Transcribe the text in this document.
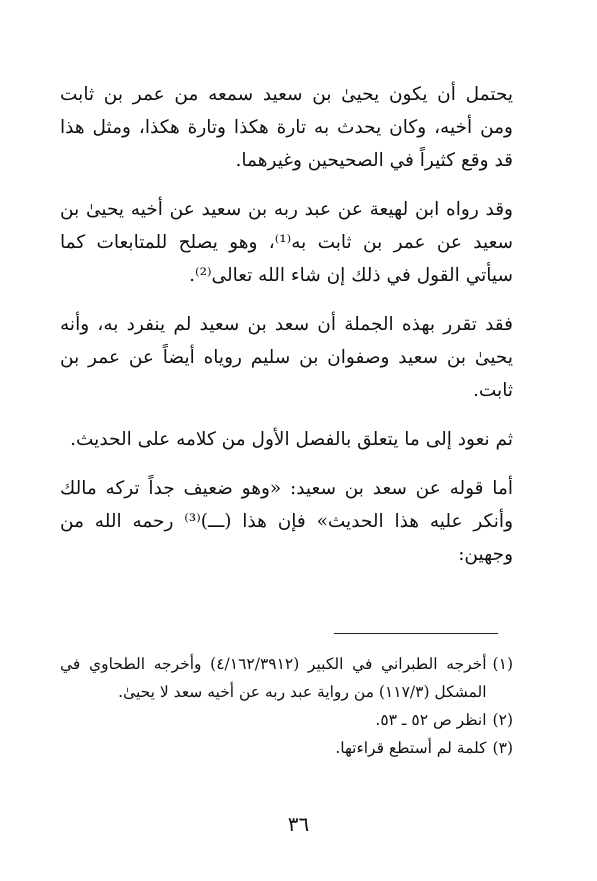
يحتمل أن يكون يحيىٰ بن سعيد سمعه من عمر بن ثابت ومن أخيه، وكان يحدث به تارة هكذا وتارة هكذا، ومثل هذا قد وقع كثيراً في الصحيحين وغيرهما.

وقد رواه ابن لهيعة عن عبد ربه بن سعيد عن أخيه يحيىٰ بن سعيد عن عمر بن ثابت به⁽¹⁾، وهو يصلح للمتابعات كما سيأتي القول في ذلك إن شاء الله تعالى⁽²⁾.

فقد تقرر بهذه الجملة أن سعد بن سعيد لم ينفرد به، وأنه يحيىٰ بن سعيد وصفوان بن سليم روياه أيضاً عن عمر بن ثابت.

ثم نعود إلى ما يتعلق بالفصل الأول من كلامه على الحديث.

أما قوله عن سعد بن سعيد: «وهو ضعيف جداً تركه مالك وأنكر عليه هذا الحديث» فإن هذا (ـــ)⁽³⁾ رحمه الله من وجهين:

(١)
أخرجه الطبراني في الكبير (٤/١٦٢/٣٩١٢) وأخرجه الطحاوي في المشكل (١١٧/٣) من رواية عبد ربه عن أخيه سعد لا يحيىٰ.
(٢)
انظر ص ٥٢ ـ ٥٣.
(٣)
كلمة لم أستطع قراءتها.
٣٦
